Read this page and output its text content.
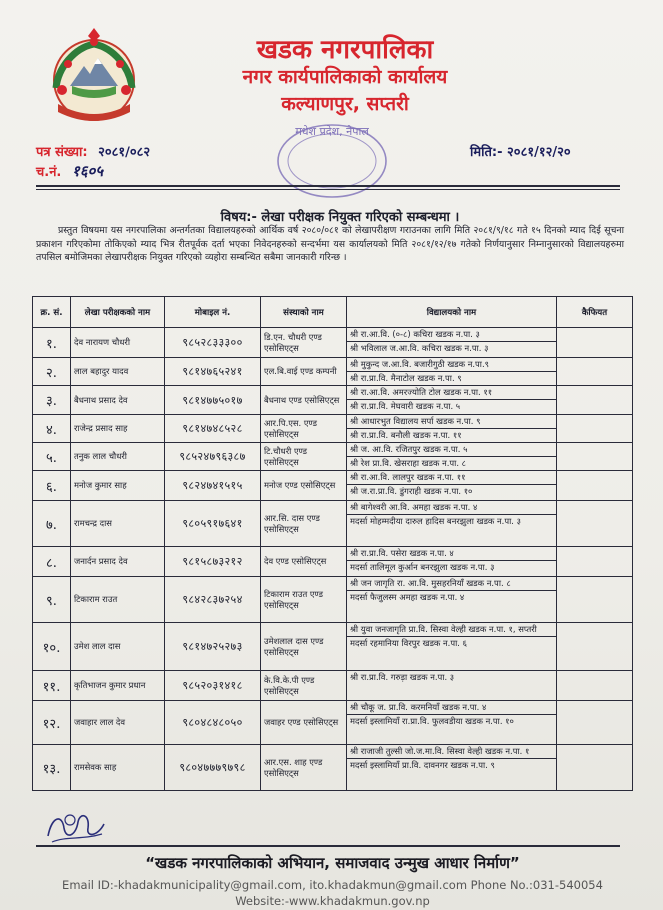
खडक नगरपालिका
नगर कार्यपालिकाको कार्यालय
कल्याणपुर, सप्तरी
मधेश प्रदेश, नेपाल
पत्र संख्या: २०८१/०८२
च.नं. १६०५
मिति:- २०८१/१२/२०
विषय:- लेखा परीक्षक नियुक्त गरिएको सम्बन्धमा ।

प्रस्तुत विषयमा यस नगरपालिका अन्तर्गतका विद्यालयहरुको आर्थिक वर्ष २०८०/०८१ को लेखापरीक्षण गराउनका लागि मिति २०८१/९/१८ गते १५ दिनको म्याद दिई सूचना प्रकाशन गरिएकोमा तोकिएको म्याद भित्र रीतपूर्वक दर्ता भएका निवेदनहरुको सन्दर्भमा यस कार्यालयको मिति २०८१/१२/१७ गतेको निर्णयानुसार निम्नानुसारको विद्यालयहरुमा तपसिल बमोजिमका लेखापरीक्षक नियुक्त गरिएको व्यहोरा सम्बन्धित सबैमा जानकारी गरिन्छ ।

क्र. सं.	लेखा परीक्षकको नाम	मोबाइल नं.	संस्थाको नाम	विद्यालयको नाम	कैफियत
१.	देव नारायण चौधरी	९८५२८३३३००	डि.एन. चौधरी एण्ड एसोसिएट्स	श्री रा.आ.वि. (०-८) कचिरा खडक न.पा. ३
श्री भविलाल ज.आ.वि. कचिरा खडक न.पा. ३	

२.	लाल बहादुर यादव	९८१४७६५२४१	एल.बि.वाई एण्ड कम्पनी	श्री मुकुन्द ज.आ.वि. बजारीगुठी खडक न.पा.९
श्री रा.प्रा.वि. मैनाटोल खडक न.पा. ९	

३.	बैधनाथ प्रसाद देव	९८१४७७५०१७	बैधनाथ एण्ड एसोसिएट्स	श्री रा.आ.वि. अमरज्योति टोल खडक न.पा. ११
श्री रा.प्रा.वि. मेघवारी खडक न.पा. ५	

४.	राजेन्द्र प्रसाद साह	९८१४७४८५२८	आर.पि.एस. एण्ड एसोसिएट्स	श्री आधारभुत विद्यालय सर्पा खडक न.पा. ९
श्री रा.प्रा.वि. बनौली खडक न.पा. ११	

५.	तनुक लाल चौधरी	९८५२४७९६३८७	टि.चौधरी एण्ड एसोसिएट्स	श्री ज. आ.वि. रजितपुर खडक न.पा. ५
श्री रेश प्रा.वि. खेसराहा खडक न.पा. ८	

६.	मनोज कुमार साह	९८२४७४१५१५	मनोज एण्ड एसोसिएट्स	श्री रा.आ.वि. लालपुर खडक न.पा. ११
श्री ज.रा.प्रा.वि. डुंगराही खडक न.पा. १०	

७.	रामचन्द्र दास	९८०५९१७६४१	आर.सि. दास एण्ड एसोसिएट्स	श्री बागेश्वरी आ.वि. अमहा खडक न.पा. ४
मदर्सा मोहम्मदीया दारुल हादिस बनरझुला खडक न.पा. ३	

८.	जनार्दन प्रसाद देव	९८१५८७३२१२	देव एण्ड एसोसिएट्स	श्री रा.प्रा.वि. पसेरा खडक न.पा. ४
मदर्सा तालिमूल कुर्आन बनरझुला खडक न.पा. ३	

९.	टिकाराम राउत	९८४२८३७२५४	टिकाराम राउत एण्ड एसोसिएट्स	श्री जन जागृति रा. आ.वि. मुसहरनियाँ खडक न.पा. ८
मदर्सा फैजुलस्म अमहा खडक न.पा. ४	

१०.	उमेश लाल दास	९८१४७२५२७३	उमेशलाल दास एण्ड एसोसिएट्स	श्री युवा जनजागृति प्रा.वि. सिस्वा वेल्ही खडक न.पा. १, सप्तरी
मदर्सा रहमानिया विरपुर खडक न.पा. ६	

११.	कृतिभाजन कुमार प्रधान	९८५२०३१४१८	के.वि.के.पी एण्ड एसोसिएट्स	श्री रा.प्रा.वि. गरुड़ा खडक न.पा. ३	

१२.	जवाहार लाल देव	९८०४८४८०५०	जवाहर एण्ड एसोसिएट्स	श्री चौकू ज. प्रा.वि. करमनियाँ खडक न.पा. ४
मदर्सा इस्लामियाँ रा.प्रा.वि. फुलवडीया खडक न.पा. १०	

१३.	रामसेवक साह	९८०४७७७९७९८	आर.एस. शाह एण्ड एसोसिएट्स	श्री राजाजी तुल्सी जो.ज.मा.वि. सिस्वा वेल्ही खडक न.पा. १
मदर्सा इस्लामियाँ प्रा.वि. दावनगर खडक न.पा. ९	

“खडक नगरपालिकाको अभियान, समाजवाद उन्मुख आधार निर्माण”
Email ID:-khadakmunicipality@gmail.com, ito.khadakmun@gmail.com Phone No.:031-540054
Website:-www.khadakmun.gov.np
